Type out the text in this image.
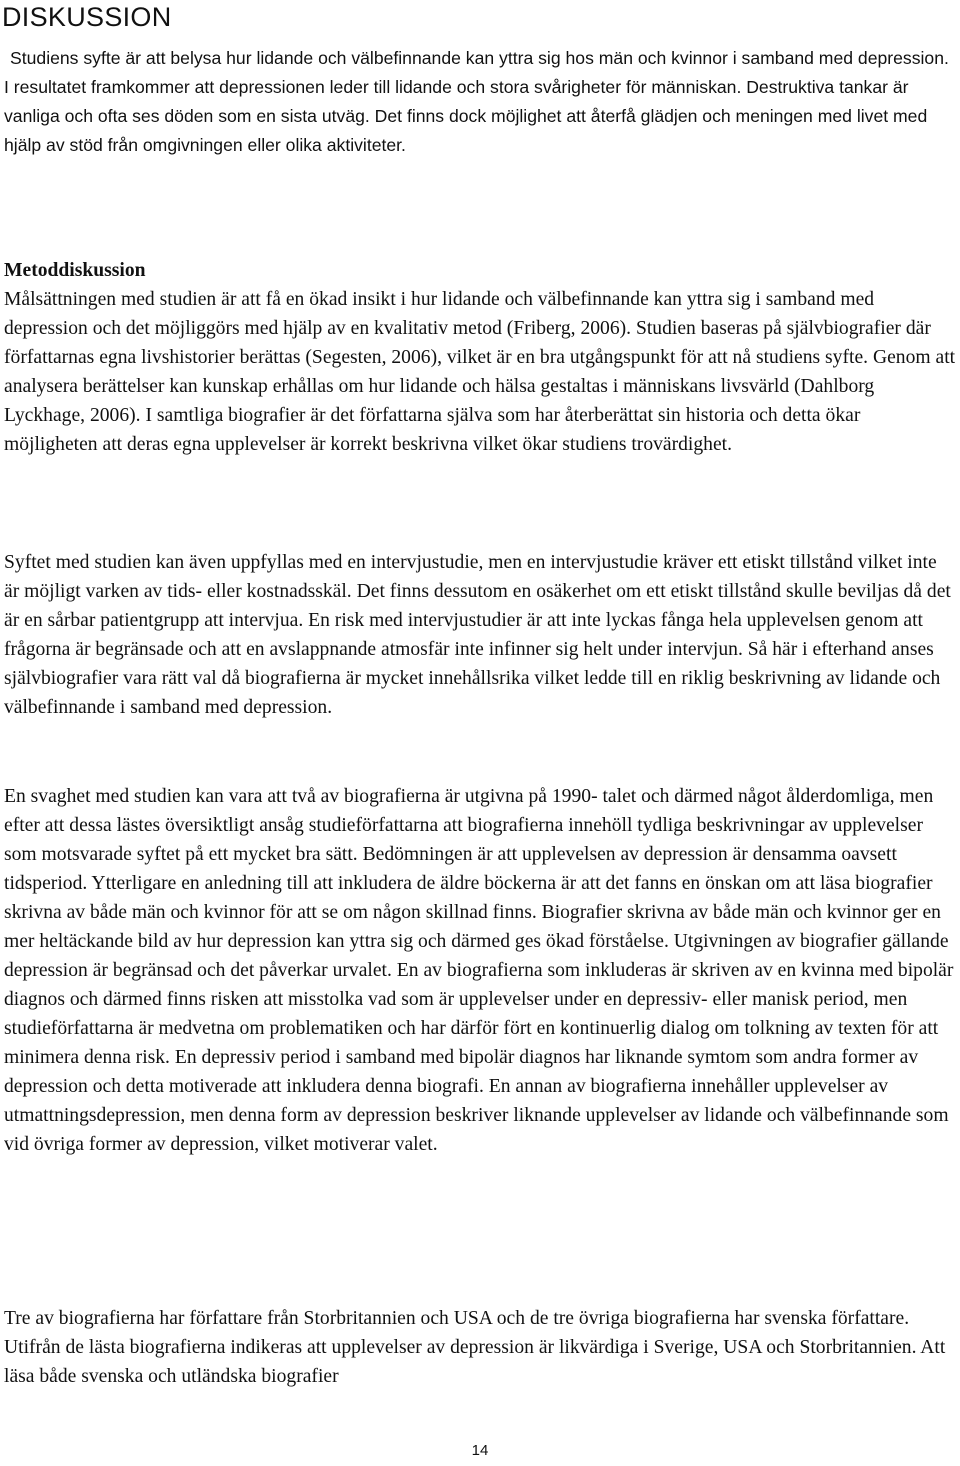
DISKUSSION

Studiens syfte är att belysa hur lidande och välbefinnande kan yttra sig hos män och kvinnor i samband med depression. I resultatet framkommer att depressionen leder till lidande och stora svårigheter för människan. Destruktiva tankar är vanliga och ofta ses döden som en sista utväg. Det finns dock möjlighet att återfå glädjen och meningen med livet med hjälp av stöd från omgivningen eller olika aktiviteter.

Metoddiskussion
Målsättningen med studien är att få en ökad insikt i hur lidande och välbefinnande kan yttra sig i samband med depression och det möjliggörs med hjälp av en kvalitativ metod (Friberg, 2006). Studien baseras på självbiografier där författarnas egna livshistorier berättas (Segesten, 2006), vilket är en bra utgångspunkt för att nå studiens syfte. Genom att analysera berättelser kan kunskap erhållas om hur lidande och hälsa gestaltas i människans livsvärld (Dahlborg Lyckhage, 2006). I samtliga biografier är det författarna själva som har återberättat sin historia och detta ökar möjligheten att deras egna upplevelser är korrekt beskrivna vilket ökar studiens trovärdighet.

Syftet med studien kan även uppfyllas med en intervjustudie, men en intervjustudie kräver ett etiskt tillstånd vilket inte är möjligt varken av tids- eller kostnadsskäl. Det finns dessutom en osäkerhet om ett etiskt tillstånd skulle beviljas då det är en sårbar patientgrupp att intervjua. En risk med intervjustudier är att inte lyckas fånga hela upplevelsen genom att frågorna är begränsade och att en avslappnande atmosfär inte infinner sig helt under intervjun. Så här i efterhand anses självbiografier vara rätt val då biografierna är mycket innehållsrika vilket ledde till en riklig beskrivning av lidande och välbefinnande i samband med depression.

En svaghet med studien kan vara att två av biografierna är utgivna på 1990- talet och därmed något ålderdomliga, men efter att dessa lästes översiktligt ansåg studieförfattarna att biografierna innehöll tydliga beskrivningar av upplevelser som motsvarade syftet på ett mycket bra sätt. Bedömningen är att upplevelsen av depression är densamma oavsett tidsperiod. Ytterligare en anledning till att inkludera de äldre böckerna är att det fanns en önskan om att läsa biografier skrivna av både män och kvinnor för att se om någon skillnad finns. Biografier skrivna av både män och kvinnor ger en mer heltäckande bild av hur depression kan yttra sig och därmed ges ökad förståelse. Utgivningen av biografier gällande depression är begränsad och det påverkar urvalet. En av biografierna som inkluderas är skriven av en kvinna med bipolär diagnos och därmed finns risken att misstolka vad som är upplevelser under en depressiv- eller manisk period, men studieförfattarna är medvetna om problematiken och har därför fört en kontinuerlig dialog om tolkning av texten för att minimera denna risk. En depressiv period i samband med bipolär diagnos har liknande symtom som andra former av depression och detta motiverade att inkludera denna biografi. En annan av biografierna innehåller upplevelser av utmattningsdepression, men denna form av depression beskriver liknande upplevelser av lidande och välbefinnande som vid övriga former av depression, vilket motiverar valet.

Tre av biografierna har författare från Storbritannien och USA och de tre övriga biografierna har svenska författare. Utifrån de lästa biografierna indikeras att upplevelser av depression är likvärdiga i Sverige, USA och Storbritannien. Att läsa både svenska och utländska biografier

14
